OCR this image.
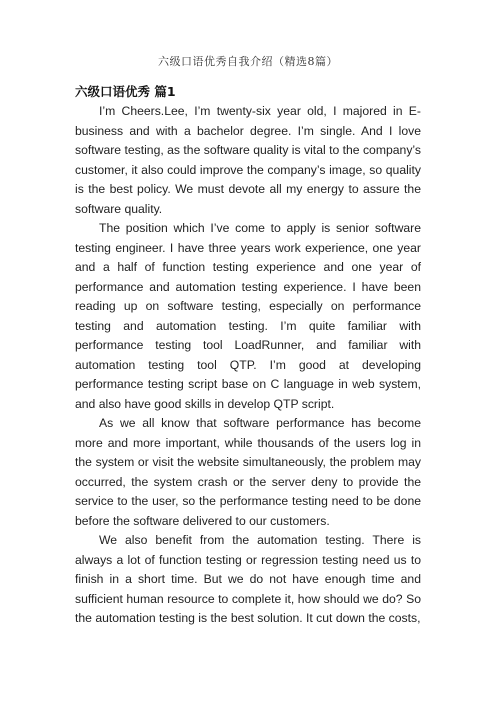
六级口语优秀自我介绍（精选8篇）
六级口语优秀 篇1

I’m Cheers.Lee, I’m twenty-six year old, I majored in E-business and with a bachelor degree. I’m single. And I love software testing, as the software quality is vital to the company’s customer, it also could improve the company’s image, so quality is the best policy. We must devote all my energy to assure the software quality.

The position which I’ve come to apply is senior software testing engineer. I have three years work experience, one year and a half of function testing experience and one year of performance and automation testing experience. I have been reading up on software testing, especially on performance testing and automation testing. I’m quite familiar with performance testing tool LoadRunner, and familiar with automation testing tool QTP. I’m good at developing performance testing script base on C language in web system, and also have good skills in develop QTP script.

As we all know that software performance has become more and more important, while thousands of the users log in the system or visit the website simultaneously, the problem may occurred, the system crash or the server deny to provide the service to the user, so the performance testing need to be done before the software delivered to our customers.

We also benefit from the automation testing. There is always a lot of function testing or regression testing need us to finish in a short time. But we do not have enough time and sufficient human resource to complete it, how should we do? So the automation testing is the best solution. It cut down the costs,
